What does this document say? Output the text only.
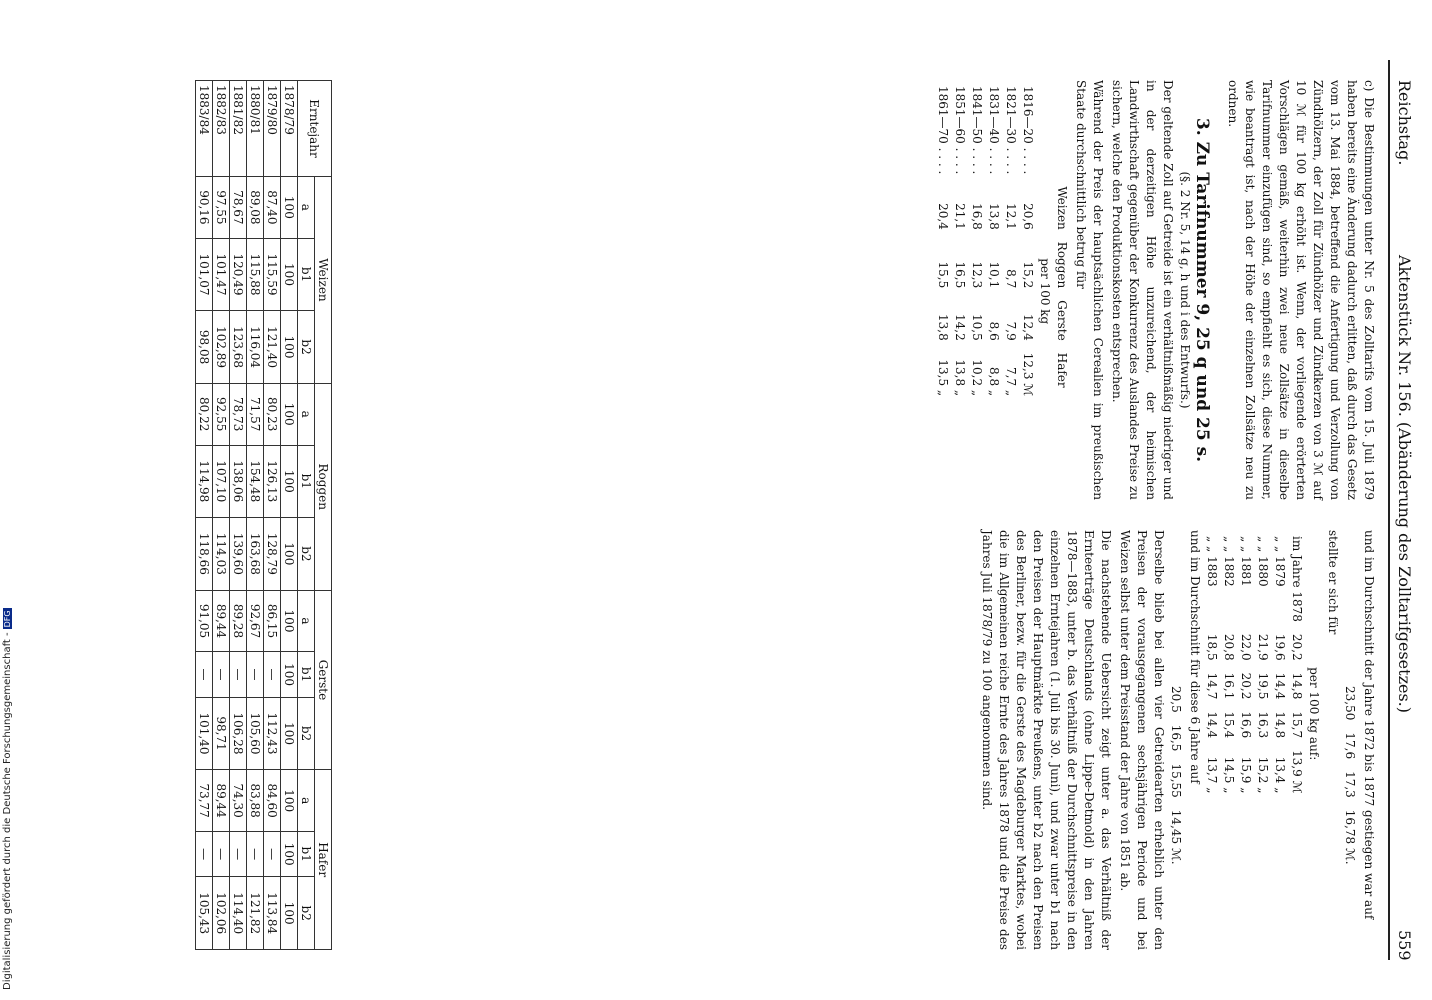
Digitalisierung gefördert durch die Deutsche Forschungsgemeinschaft -DFG
Reichstag.
Aktenstück Nr. 156. (Abänderung des Zolltarifgesetzes.)
559

c) Die Bestimmungen unter Nr. 5 des Zolltarifs vom 15. Juli 1879 haben bereits eine Änderung dadurch erlitten, daß durch das Gesetz vom 13. Mai 1884, betreffend die Anfertigung und Verzollung von Zündhölzern, der Zoll für Zündhölzer und Zündkerzen von 3 ℳ auf 10 ℳ für 100 kg erhöht ist. Wenn, der vorliegende erörterten Vorschlägen gemäß, weiterhin zwei neue Zollsätze in dieselbe Tarifnummer einzufügen sind, so empfiehlt es sich, diese Nummer, wie beantragt ist, nach der Höhe der einzelnen Zollsätze neu zu ordnen.

3. Zu Tarifnummer 9, 25 q und 25 s.
(§. 2 Nr. 5, 14 g, h und i des Entwurfs.)

Der geltende Zoll auf Getreide ist ein verhältnißmäßig niedriger und in der derzeitigen Höhe unzureichend, der heimischen Landwirthschaft gegenüber der Konkurrenz des Auslandes Preise zu sichern, welche den Produktionskosten entsprechen.

Während der Preis der hauptsächlichen Cerealien im preußischen Staate durchschnittlich betrug für

	Weizen	Roggen	Gerste	Hafer
	per 100 kg			
1816—20 . . . .	20,6	15,2	12,4	12,3 ℳ
1821—30 . . . .	12,1	8,7	7,9	7,7 „
1831—40 . . . .	13,8	10,1	8,6	8,8 „
1841—50 . . . .	16,8	12,3	10,5	10,2 „
1851—60 . . . .	21,1	16,5	14,2	13,8 „
1861—70 . . . .	20,4	15,5	13,8	13,5 „

und im Durchschnitt der Jahre 1872 bis 1877 gestiegen war auf

23,50	17,6	17,3	16,78 ℳ.

stellte er sich für

	per 100 kg auf:			
im Jahre 1878	20,2	14,8	15,7	13,9 ℳ
„ „ 1879	19,6	14,4	14,8	13,4 „
„ „ 1880	21,9	19,5	16,3	15,2 „
„ „ 1881	22,0	20,2	16,6	15,9 „
„ „ 1882	20,8	16,1	15,4	14,5 „
„ „ 1883	18,5	14,7	14,4	13,7 „

und im Durchschnitt für diese 6 Jahre auf

20,5	16,5	15,55	14,45 ℳ.

Derselbe blieb bei allen vier Getreidearten erheblich unter den Preisen der vorausgegangenen sechsjährigen Periode und bei Weizen selbst unter dem Preisstand der Jahre von 1851 ab.

Die nachstehende Uebersicht zeigt unter a. das Verhältniß der Ernteerträge Deutschlands (ohne Lippe-Detmold) in den Jahren 1878—1883, unter b. das Verhältniß der Durchschnittspreise in den einzelnen Erntejahren (1. Juli bis 30. Juni), und zwar unter b1 nach den Preisen der Hauptmärkte Preußens, unter b2 nach den Preisen des Berliner, bezw. für die Gerste des Magdeburger Marktes, wobei die im Allgemeinen reiche Ernte des Jahres 1878 und die Preise des Jahres Juli 1878/79 zu 100 angenommen sind.

Erntejahr	Weizen			Roggen			Gerste			Hafer		
	a	b1	b2	a	b1	b2	a	b1	b2	a	b1	b2
1878/79	100	100	100	100	100	100	100	100	100	100	100	100
1879/80	87,40	115,59	121,40	80,23	126,13	128,79	86,15	—	112,43	84,60	—	113,84
1880/81	89,08	115,88	116,04	71,57	154,48	163,68	92,67	—	105,60	83,88	—	121,82
1881/82	78,67	120,49	123,68	78,73	138,06	139,60	89,28	—	106,28	74,30	—	114,40
1882/83	97,55	101,47	102,89	92,55	107,10	114,03	89,44	—	98,71	89,44	—	102,06
1883/84	90,16	101,07	98,08	80,22	114,98	118,66	91,05	—	101,40	73,77	—	105,43
